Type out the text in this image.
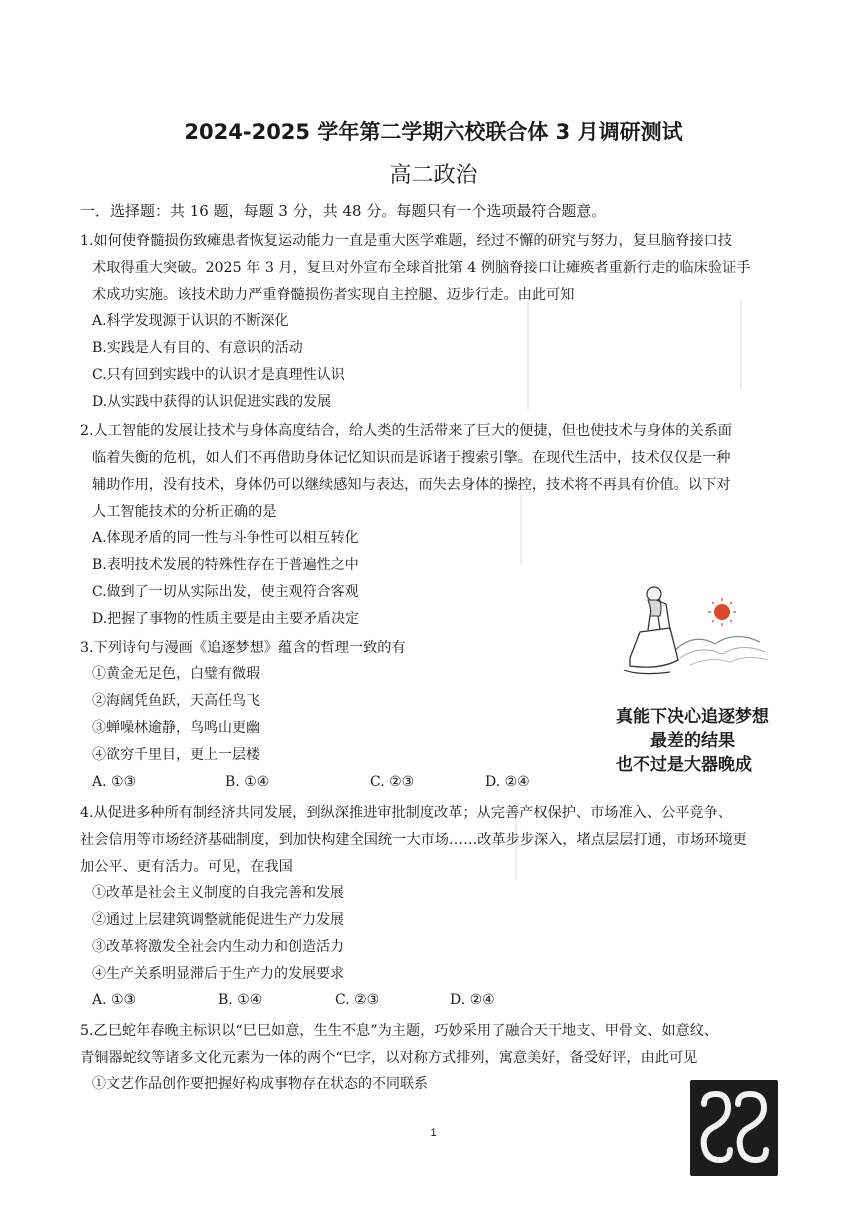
2024-2025 学年第二学期六校联合体 3 月调研测试
高二政治
一．选择题：共 16 题，每题 3 分，共 48 分。每题只有一个选项最符合题意。
1.如何使脊髓损伤致瘫患者恢复运动能力一直是重大医学难题，经过不懈的研究与努力，复旦脑脊接口技
术取得重大突破。2025 年 3 月，复旦对外宣布全球首批第 4 例脑脊接口让瘫痪者重新行走的临床验证手
术成功实施。该技术助力严重脊髓损伤者实现自主控腿、迈步行走。由此可知
A.科学发现源于认识的不断深化
B.实践是人有目的、有意识的活动
C.只有回到实践中的认识才是真理性认识
D.从实践中获得的认识促进实践的发展
2.人工智能的发展让技术与身体高度结合，给人类的生活带来了巨大的便捷，但也使技术与身体的关系面
临着失衡的危机，如人们不再借助身体记忆知识而是诉诸于搜索引擎。在现代生活中，技术仅仅是一种
辅助作用，没有技术，身体仍可以继续感知与表达，而失去身体的操控，技术将不再具有价值。以下对
人工智能技术的分析正确的是
A.体现矛盾的同一性与斗争性可以相互转化
B.表明技术发展的特殊性存在于普遍性之中
C.做到了一切从实际出发，使主观符合客观
D.把握了事物的性质主要是由主要矛盾决定
3.下列诗句与漫画《追逐梦想》蕴含的哲理一致的有
①黄金无足色，白璧有微瑕
②海阔凭鱼跃，天高任鸟飞
③蝉噪林逾静，鸟鸣山更幽
④欲穷千里目，更上一层楼
A. ①③	B. ①④	C. ②③	D. ②④
真能下决心追逐梦想
最差的结果
也不过是大器晚成
4.从促进多种所有制经济共同发展，到纵深推进审批制度改革；从完善产权保护、市场准入、公平竞争、
社会信用等市场经济基础制度，到加快构建全国统一大市场……改革步步深入，堵点层层打通，市场环境更
加公平、更有活力。可见，在我国
①改革是社会主义制度的自我完善和发展
②通过上层建筑调整就能促进生产力发展
③改革将激发全社会内生动力和创造活力
④生产关系明显滞后于生产力的发展要求
A. ①③	B. ①④	C. ②③	D. ②④
5.乙巳蛇年春晚主标识以“巳巳如意，生生不息”为主题，巧妙采用了融合天干地支、甲骨文、如意纹、
青铜器蛇纹等诸多文化元素为一体的两个“巳字，以对称方式排列，寓意美好，备受好评，由此可见
①文艺作品创作要把握好构成事物存在状态的不同联系
1
